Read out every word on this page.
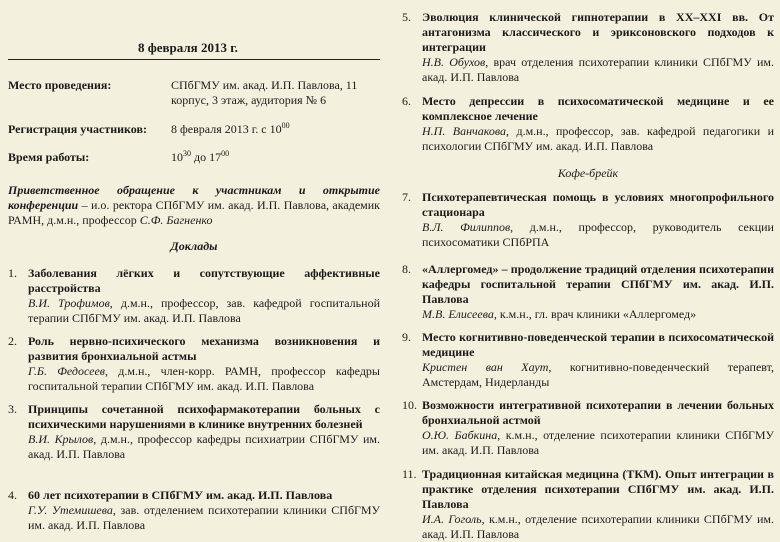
8 февраля 2013 г.
Место проведения:	СПбГМУ им. акад. И.П. Павлова, 11 корпус, 3 этаж, аудитория № 6
Регистрация участников: 8 февраля 2013 г. с $10^{00}$
Время работы:	$10^{30}$ до $17^{00}$
Приветственное обращение к участникам и открытие конференции – и.о. ректора СПбГМУ им. акад. И.П. Павлова, академик РАМН, д.м.н., профессор С.Ф. Багненко
Доклады
1. Заболевания лёгких и сопутствующие аффективные расстройства
В.И. Трофимов, д.м.н., профессор, зав. кафедрой госпитальной терапии СПбГМУ им. акад. И.П. Павлова
2. Роль нервно-психического механизма возникновения и развития бронхиальной астмы
Г.Б. Федосеев, д.м.н., член-корр. РАМН, профессор кафедры госпитальной терапии СПбГМУ им. акад. И.П. Павлова
3. Принципы сочетанной психофармакотерапии больных с психическими нарушениями в клинике внутренних болезней
В.И. Крылов, д.м.н., профессор кафедры психиатрии СПбГМУ им. акад. И.П. Павлова
4. 60 лет психотерапии в СПбГМУ им. акад. И.П. Павлова
Г.У. Утемишева, зав. отделением психотерапии клиники СПбГМУ им. акад. И.П. Павлова
5. Эволюция клинической гипнотерапии в XX–XXI вв. От антагонизма классического и эриксоновского подходов к интеграции
Н.В. Обухов, врач отделения психотерапии клиники СПбГМУ им. акад. И.П. Павлова
6. Место депрессии в психосоматической медицине и ее комплексное лечение
Н.П. Ванчакова, д.м.н., профессор, зав. кафедрой педагогики и психологии СПбГМУ им. акад. И.П. Павлова
Кофе-брейк
7. Психотерапевтическая помощь в условиях многопрофильного стационара
В.Л. Филиппов, д.м.н., профессор, руководитель секции психосоматики СПбРПА
8. «Аллергомед» – продолжение традиций отделения психотерапии кафедры госпитальной терапии СПбГМУ им. акад. И.П. Павлова
М.В. Елисеева, к.м.н., гл. врач клиники «Аллергомед»
9. Место когнитивно-поведенческой терапии в психосоматической медицине
Кристен ван Хаут, когнитивно-поведенческий терапевт, Амстердам, Нидерланды
10. Возможности интегративной психотерапии в лечении больных бронхиальной астмой
О.Ю. Бабкина, к.м.н., отделение психотерапии клиники СПбГМУ им. акад. И.П. Павлова
11. Традиционная китайская медицина (ТКМ). Опыт интеграции в практике отделения психотерапии СПбГМУ им. акад. И.П. Павлова
И.А. Гоголь, к.м.н., отделение психотерапии клиники СПбГМУ им. акад. И.П. Павлова
